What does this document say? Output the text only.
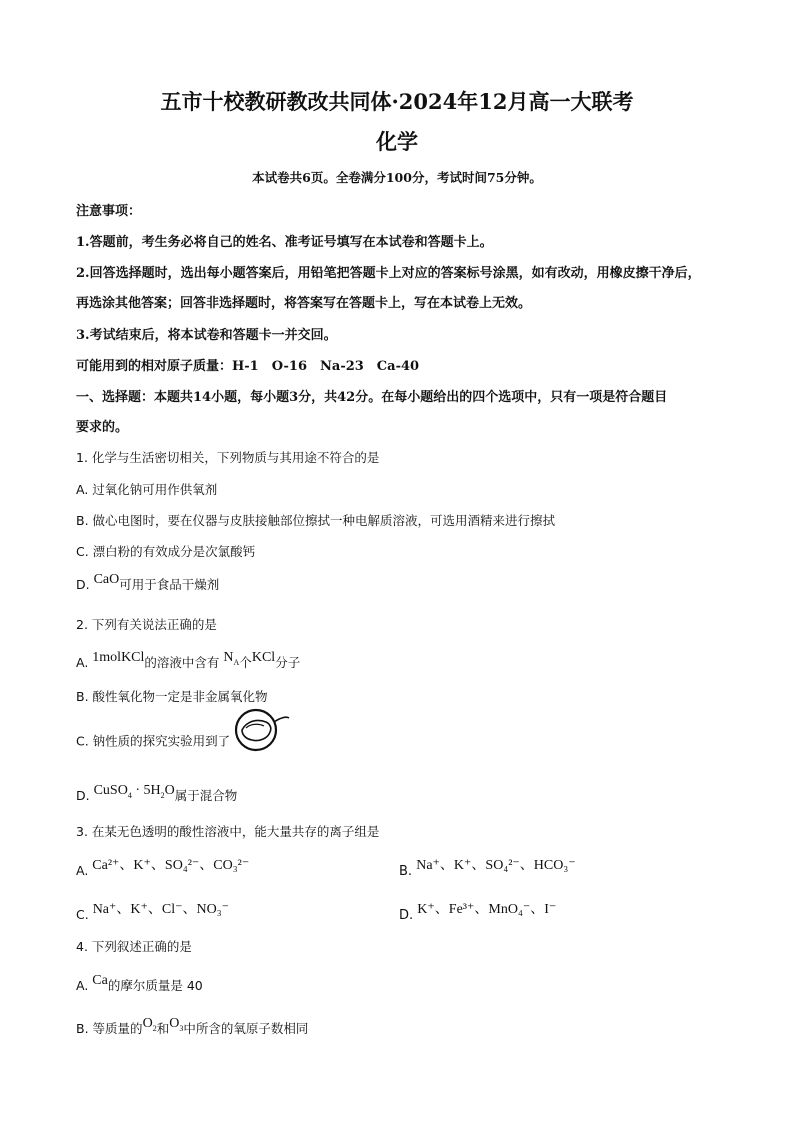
五市十校教研教改共同体·2024年12月高一大联考
化学
本试卷共6页。全卷满分100分，考试时间75分钟。
注意事项：
1.答题前，考生务必将自己的姓名、准考证号填写在本试卷和答题卡上。
2.回答选择题时，选出每小题答案后，用铅笔把答题卡上对应的答案标号涂黑，如有改动，用橡皮擦干净后，
再选涂其他答案；回答非选择题时，将答案写在答题卡上，写在本试卷上无效。
3.考试结束后，将本试卷和答题卡一并交回。
可能用到的相对原子质量：H-1　O-16　Na-23　Ca-40
一、选择题：本题共14小题，每小题3分，共42分。在每小题给出的四个选项中，只有一项是符合题目
要求的。
1. 化学与生活密切相关，下列物质与其用途不符合的是
A. 过氧化钠可用作供氧剂
B. 做心电图时，要在仪器与皮肤接触部位擦拭一种电解质溶液，可选用酒精来进行擦拭
C. 漂白粉的有效成分是次氯酸钙
D. CaO可用于食品干燥剂
2. 下列有关说法正确的是
A. 1molKCl的溶液中含有 $N_A$个KCl分子
B. 酸性氧化物一定是非金属氧化物
C. 钠性质的探究实验用到了
D. CuSO$_4$ · $5H_2O$属于混合物
3. 在某无色透明的酸性溶液中，能大量共存的离子组是
A. Ca²⁺、K⁺、SO₄²⁻、CO₃²⁻	B. Na⁺、K⁺、SO₄²⁻、HCO₃⁻
C. Na⁺、K⁺、Cl⁻、NO₃⁻	D. K⁺、Fe³⁺、MnO₄⁻、I⁻
4. 下列叙述正确的是
A. Ca的摩尔质量是 40
B. 等质量的$O_2$和$O_3$中所含的氧原子数相同
